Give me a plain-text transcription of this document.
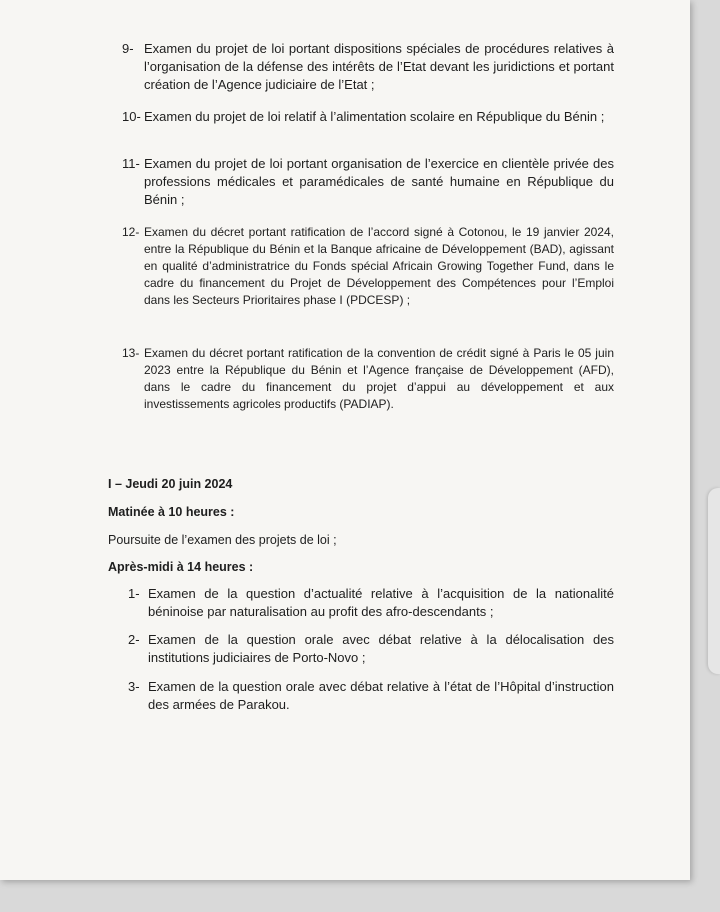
9- Examen du projet de loi portant dispositions spéciales de procédures relatives à l’organisation de la défense des intérêts de l’Etat devant les juridictions et portant création de l’Agence judiciaire de l’Etat ;
10- Examen du projet de loi relatif à l’alimentation scolaire en République du Bénin ;
11- Examen du projet de loi portant organisation de l’exercice en clientèle privée des professions médicales et paramédicales de santé humaine en République du Bénin ;
12- Examen du décret portant ratification de l’accord signé à Cotonou, le 19 janvier 2024, entre la République du Bénin et la Banque africaine de Développement (BAD), agissant en qualité d’administratrice du Fonds spécial Africain Growing Together Fund, dans le cadre du financement du Projet de Développement des Compétences pour l’Emploi dans les Secteurs Prioritaires phase I (PDCESP) ;
13- Examen du décret portant ratification de la convention de crédit signé à Paris le 05 juin 2023 entre la République du Bénin et l’Agence française de Développement (AFD), dans le cadre du financement du projet d’appui au développement et aux investissements agricoles productifs (PADIAP).
I – Jeudi 20 juin 2024
Matinée à 10 heures :
Poursuite de l’examen des projets de loi ;
Après-midi à 14 heures :
1- Examen de la question d’actualité relative à l’acquisition de la nationalité béninoise par naturalisation au profit des afro-descendants ;
2- Examen de la question orale avec débat relative à la délocalisation des institutions judiciaires de Porto-Novo ;
3- Examen de la question orale avec débat relative à l’état de l’Hôpital d’instruction des armées de Parakou.
